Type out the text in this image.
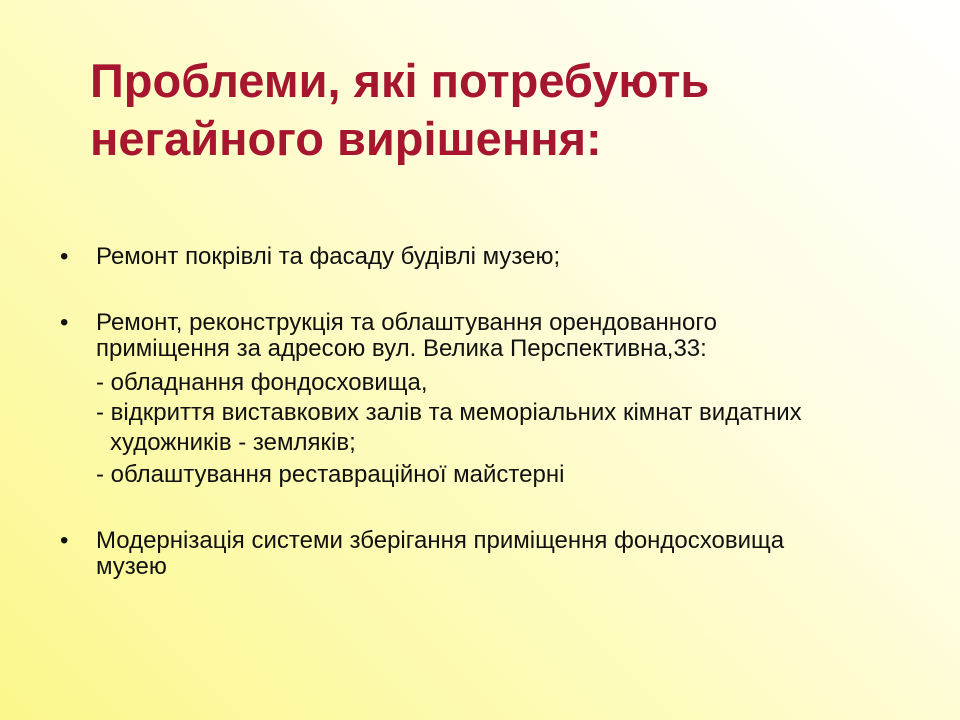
Проблеми, які потребують
негайного вирішення:
•	Ремонт покрівлі та фасаду будівлі музею;
•	Ремонт, реконструкція та облаштування орендованного
приміщення за адресою вул. Велика Перспективна,33:
- обладнання фондосховища,
- відкриття виставкових залів та меморіальних кімнат видатних
художників - земляків;
- облаштування реставраційної майстерні
•	Модернізація системи зберігання приміщення фондосховища
музею
